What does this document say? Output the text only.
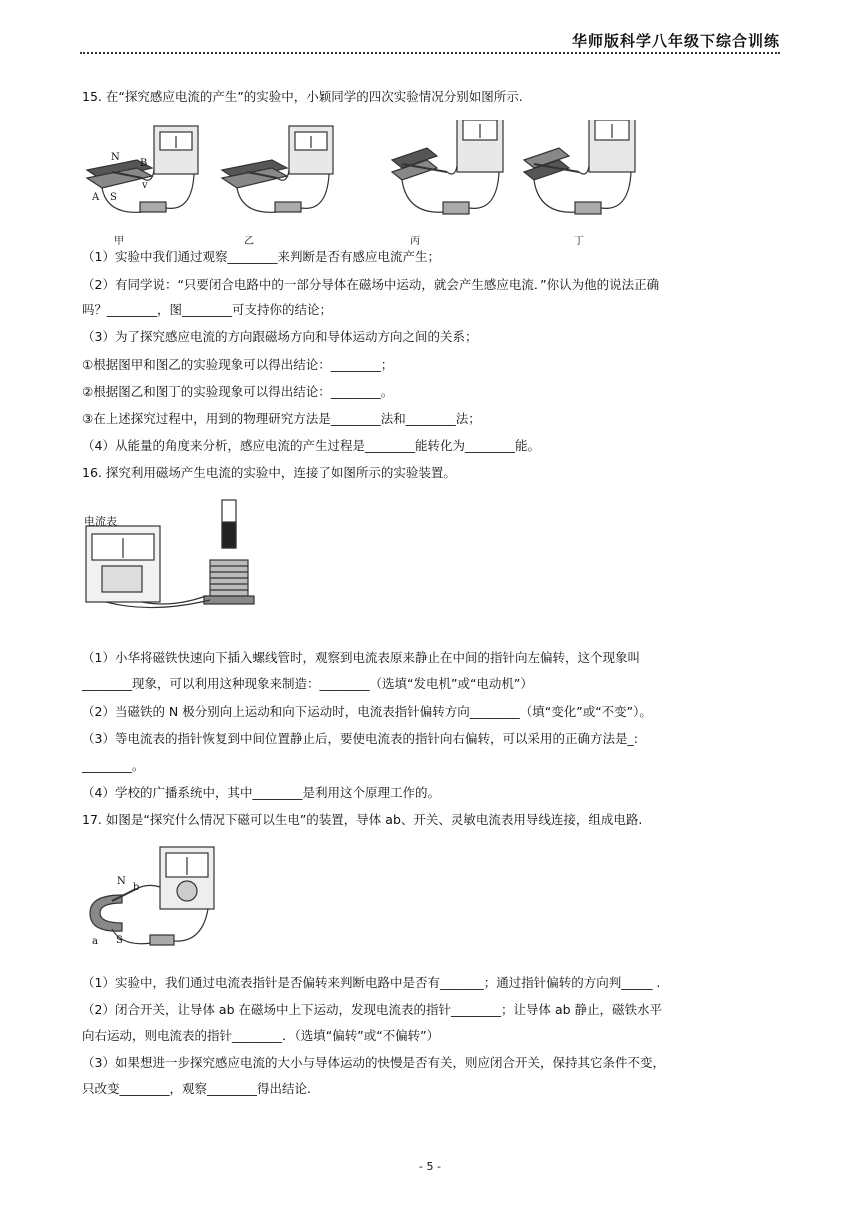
华师版科学八年级下综合训练
15. 在“探究感应电流的产生”的实验中，小颖同学的四次实验情况分别如图所示.
甲	乙	丙	丁
N
S
A
B
v
（1）实验中我们通过观察________来判断是否有感应电流产生；
（2）有同学说：“只要闭合电路中的一部分导体在磁场中运动，就会产生感应电流．”你认为他的说法正确
吗？________，图________可支持你的结论；
（3）为了探究感应电流的方向跟磁场方向和导体运动方向之间的关系；
①根据图甲和图乙的实验现象可以得出结论：________；
②根据图乙和图丁的实验现象可以得出结论：________。
③在上述探究过程中，用到的物理研究方法是________法和________法；
（4）从能量的角度来分析，感应电流的产生过程是________能转化为________能。
16. 探究利用磁场产生电流的实验中，连接了如图所示的实验装置。
电流表
（1）小华将磁铁快速向下插入螺线管时，观察到电流表原来静止在中间的指针向左偏转，这个现象叫
________现象，可以利用这种现象来制造：________（选填“发电机”或“电动机”）
（2）当磁铁的 N 极分别向上运动和向下运动时，电流表指针偏转方向________（填“变化”或“不变”）。
（3）等电流表的指针恢复到中间位置静止后，要使电流表的指针向右偏转，可以采用的正确方法是_:
________。
（4）学校的广播系统中，其中________是利用这个原理工作的。
17. 如图是“探究什么情况下磁可以生电”的装置，导体 ab、开关、灵敏电流表用导线连接，组成电路.
N
S
a
b
（1）实验中，我们通过电流表指针是否偏转来判断电路中是否有_______；通过指针偏转的方向判_____ .
（2）闭合开关，让导体 ab 在磁场中上下运动，发现电流表的指针________；让导体 ab 静止，磁铁水平
向右运动，则电流表的指针________．（选填“偏转”或“不偏转”）
（3）如果想进一步探究感应电流的大小与导体运动的快慢是否有关，则应闭合开关，保持其它条件不变，
只改变________，观察________得出结论.
- 5 -
